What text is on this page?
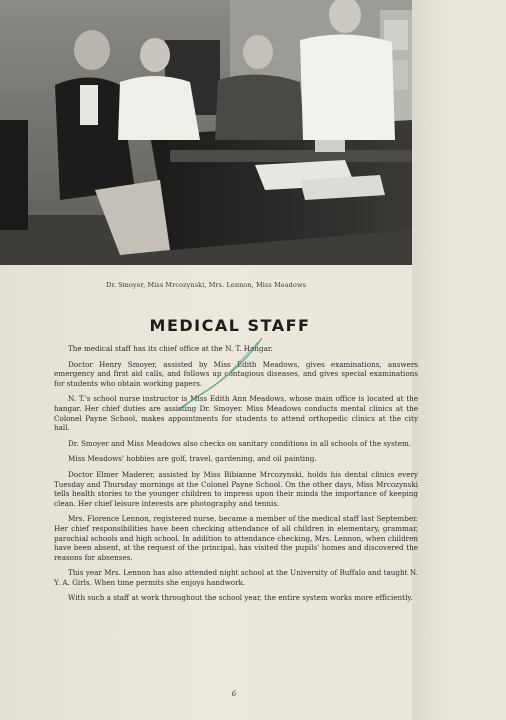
Dr. Smoyer, Miss Mrcozynski, Mrs. Lennon, Miss Meadows
MEDICAL STAFF

The medical staff has its chief office at the N. T. Hangar.

Doctor Henry Smoyer, assisted by Miss Edith Meadows, gives examinations, answers emergency and first aid calls, and follows up contagious diseases, and gives special examinations for students who obtain working papers.

N. T.'s school nurse instructor is Miss Edith Ann Meadows, whose main office is located at the hangar. Her chief duties are assisting Dr. Smoyer. Miss Meadows conducts mental clinics at the Colonel Payne School, makes appointments for students to attend orthopedic clinics at the city hall.

Dr. Smoyer and Miss Meadows also checks on sanitary conditions in all schools of the system.

Miss Meadows' hobbies are golf, travel, gardening, and oil painting.

Doctor Elmer Maderer, assisted by Miss Bibianne Mrcozynski, holds his dental clinics every Tuesday and Thursday mornings at the Colonel Payne School. On the other days, Miss Mrcozynski tells health stories to the younger children to impress upon their minds the importance of keeping clean. Her chief leisure interests are photography and tennis.

Mrs. Florence Lennon, registered nurse, became a member of the medical staff last September. Her chief responsibilities have been checking attendance of all children in elementary, grammar, parochial schools and high school. In addition to attendance checking, Mrs. Lennon, when children have been absent, at the request of the principal, has visited the pupils' homes and discovered the reasons for absenses.

This year Mrs. Lennon has also attended night school at the University of Buffalo and taught N. Y. A. Girls. When time permits she enjoys handwork.

With such a staff at work throughout the school year, the entire system works more efficiently.

6
